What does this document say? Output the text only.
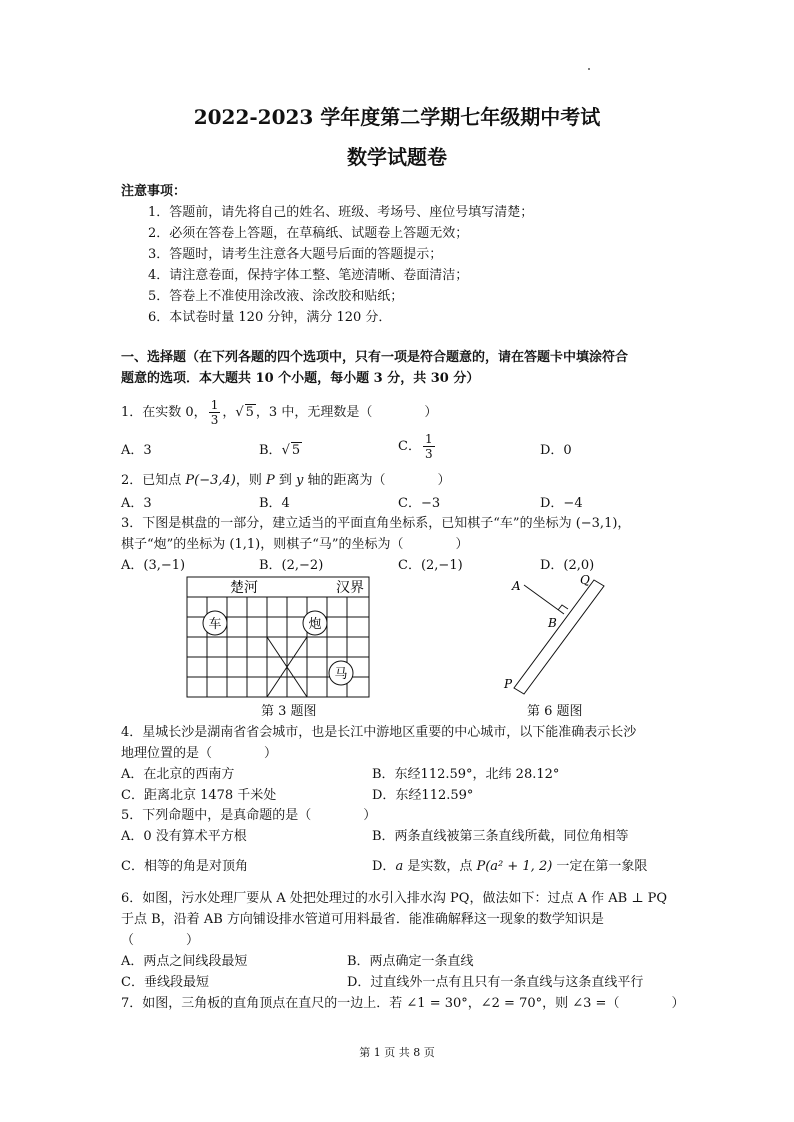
2022-2023 学年度第二学期七年级期中考试
数学试题卷
注意事项：
1．答题前，请先将自己的姓名、班级、考场号、座位号填写清楚；
2．必须在答卷上答题，在草稿纸、试题卷上答题无效；
3．答题时，请考生注意各大题号后面的答题提示；
4．请注意卷面，保持字体工整、笔迹清晰、卷面清洁；
5．答卷上不准使用涂改液、涂改胶和贴纸；
6．本试卷时量 120 分钟，满分 120 分．
一、选择题（在下列各题的四个选项中，只有一项是符合题意的，请在答题卡中填涂符合
题意的选项．本大题共 10 个小题，每小题 3 分，共 30 分）
1．在实数 0， $\frac{1}{3}$ ，√ 5 ，3 中，无理数是（　　　　）
A．3	B．√ 5	C． $\frac{1}{3}$	D．0
2．已知点 P(−3,4)，则 P 到 y 轴的距离为（　　　　）
A．3	B．4	C．−3	D．−4
3．下图是棋盘的一部分，建立适当的平面直角坐标系，已知棋子“车”的坐标为 (−3,1)，
棋子“炮”的坐标为 (1,1)，则棋子“马”的坐标为（　　　　）
A．(3,−1)	B．(2,−2)	C．(2,−1)	D．(2,0)
楚河	汉界
车	炮
马
第 3 题图
A	Q
B
P
第 6 题图
4．星城长沙是湖南省省会城市，也是长江中游地区重要的中心城市，以下能准确表示长沙
地理位置的是（　　　　）
A．在北京的西南方	B．东经112.59°，北纬 28.12°
C．距离北京 1478 千米处	D．东经112.59°
5．下列命题中，是真命题的是（　　　　）
A．0 没有算术平方根	B．两条直线被第三条直线所截，同位角相等
C．相等的角是对顶角	D．a 是实数，点 P(a² + 1, 2) 一定在第一象限
6．如图，污水处理厂要从 A 处把处理过的水引入排水沟 PQ，做法如下：过点 A 作 AB ⊥ PQ
于点 B，沿着 AB 方向铺设排水管道可用料最省．能准确解释这一现象的数学知识是
（　　　　）
A．两点之间线段最短	B．两点确定一条直线
C．垂线段最短	D．过直线外一点有且只有一条直线与这条直线平行
7．如图，三角板的直角顶点在直尺的一边上．若 ∠1 = 30°，∠2 = 70°，则 ∠3 =（　　　　）
第 1 页 共 8 页
